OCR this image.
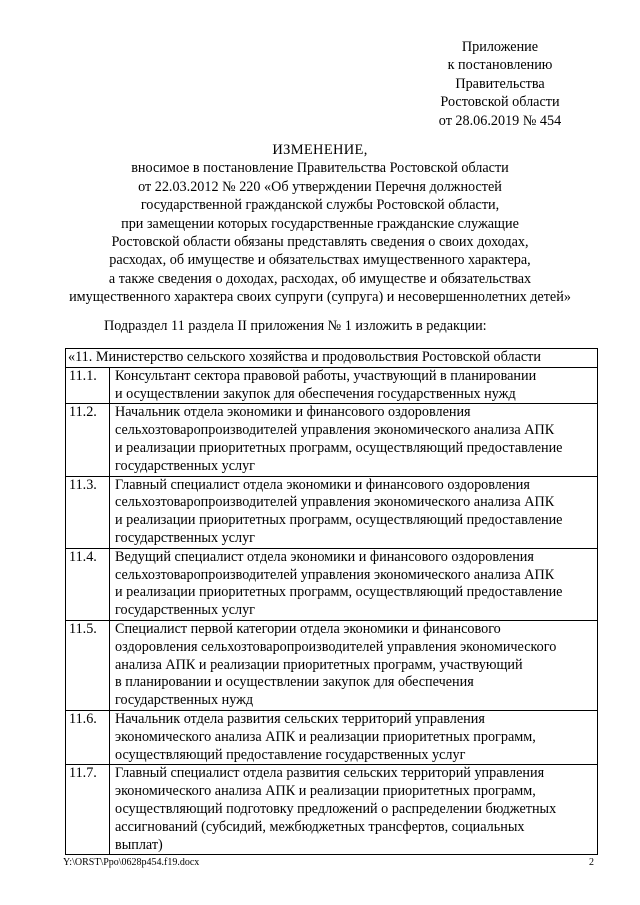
Приложение
к постановлению
Правительства
Ростовской области
от 28.06.2019 № 454
ИЗМЕНЕНИЕ,
вносимое в постановление Правительства Ростовской области
от 22.03.2012 № 220 «Об утверждении Перечня должностей
государственной гражданской службы Ростовской области,
при замещении которых государственные гражданские служащие
Ростовской области обязаны представлять сведения о своих доходах,
расходах, об имуществе и обязательствах имущественного характера,
а также сведения о доходах, расходах, об имуществе и обязательствах
имущественного характера своих супруги (супруга) и несовершеннолетних детей»
Подраздел 11 раздела II приложения № 1 изложить в редакции:
«11. Министерство сельского хозяйства и продовольствия Ростовской области	
11.1.	Консультант сектора правовой работы, участвующий в планировании
и осуществлении закупок для обеспечения государственных нужд

11.2.	Начальник отдела экономики и финансового оздоровления
сельхозтоваропроизводителей управления экономического анализа АПК
и реализации приоритетных программ, осуществляющий предоставление
государственных услуг

11.3.	Главный специалист отдела экономики и финансового оздоровления
сельхозтоваропроизводителей управления экономического анализа АПК
и реализации приоритетных программ, осуществляющий предоставление
государственных услуг

11.4.	Ведущий специалист отдела экономики и финансового оздоровления
сельхозтоваропроизводителей управления экономического анализа АПК
и реализации приоритетных программ, осуществляющий предоставление
государственных услуг

11.5.	Специалист первой категории отдела экономики и финансового
оздоровления сельхозтоваропроизводителей управления экономического
анализа АПК и реализации приоритетных программ, участвующий
в планировании и осуществлении закупок для обеспечения
государственных нужд

11.6.	Начальник отдела развития сельских территорий управления
экономического анализа АПК и реализации приоритетных программ,
осуществляющий предоставление государственных услуг

11.7.	Главный специалист отдела развития сельских территорий управления
экономического анализа АПК и реализации приоритетных программ,
осуществляющий подготовку предложений о распределении бюджетных
ассигнований (субсидий, межбюджетных трансфертов, социальных
выплат)
Y:\ORST\Ppo\0628p454.f19.docx	2
